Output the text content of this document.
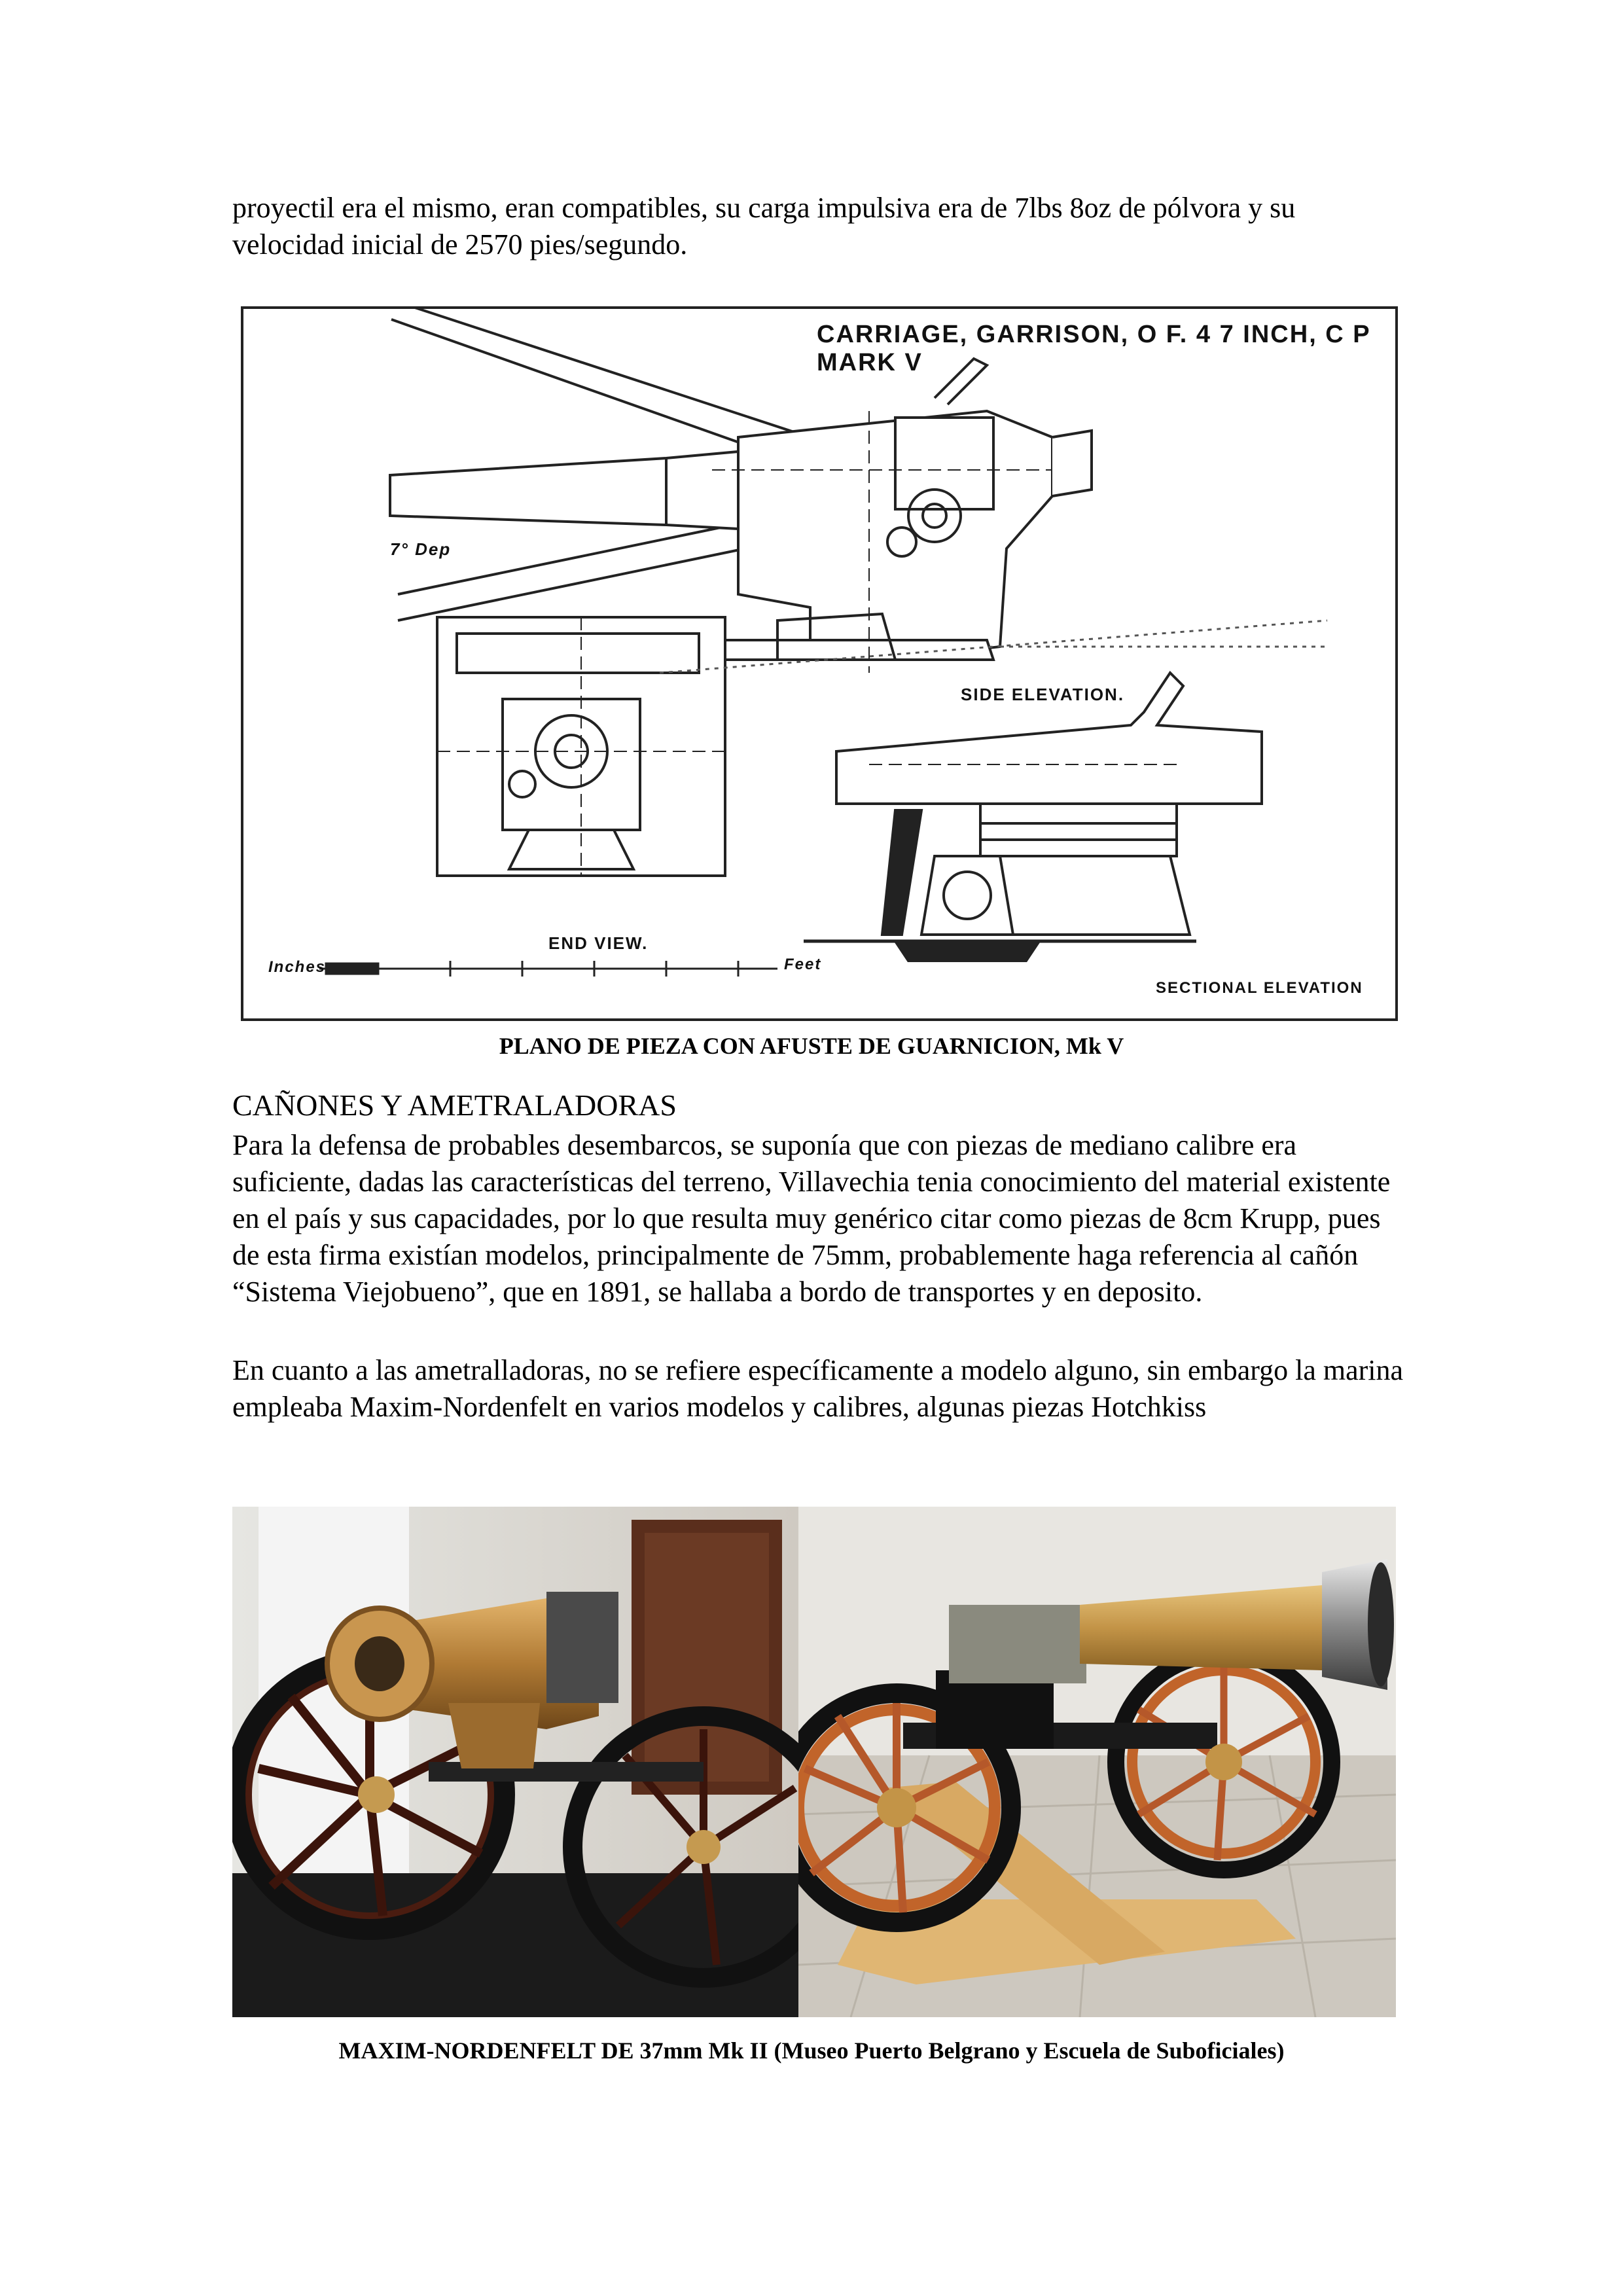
proyectil era el mismo, eran compatibles, su carga impulsiva era de 7lbs 8oz de pólvora y su velocidad inicial de 2570 pies/segundo.

CARRIAGE, GARRISON, O F. 4 7 INCH, C P MARK V
7° Dep
SIDE ELEVATION.
END VIEW.
SECTIONAL ELEVATION
Inches	Feet
PLANO DE PIEZA CON AFUSTE DE GUARNICION, Mk V
CAÑONES Y AMETRALADORAS

Para la defensa de probables desembarcos, se suponía que con piezas de mediano calibre era suficiente, dadas las características del terreno, Villavechia tenia conocimiento del material existente en el país y sus capacidades, por lo que resulta muy genérico citar como piezas de 8cm Krupp, pues de esta firma existían modelos, principalmente de 75mm, probablemente haga referencia al cañón “Sistema Viejobueno”, que en 1891, se hallaba a bordo de transportes y en deposito.

En cuanto a las ametralladoras, no se refiere específicamente a modelo alguno, sin embargo la marina empleaba Maxim-Nordenfelt en varios modelos y calibres, algunas piezas Hotchkiss

MAXIM-NORDENFELT DE 37mm Mk II (Museo Puerto Belgrano y Escuela de Suboficiales)
